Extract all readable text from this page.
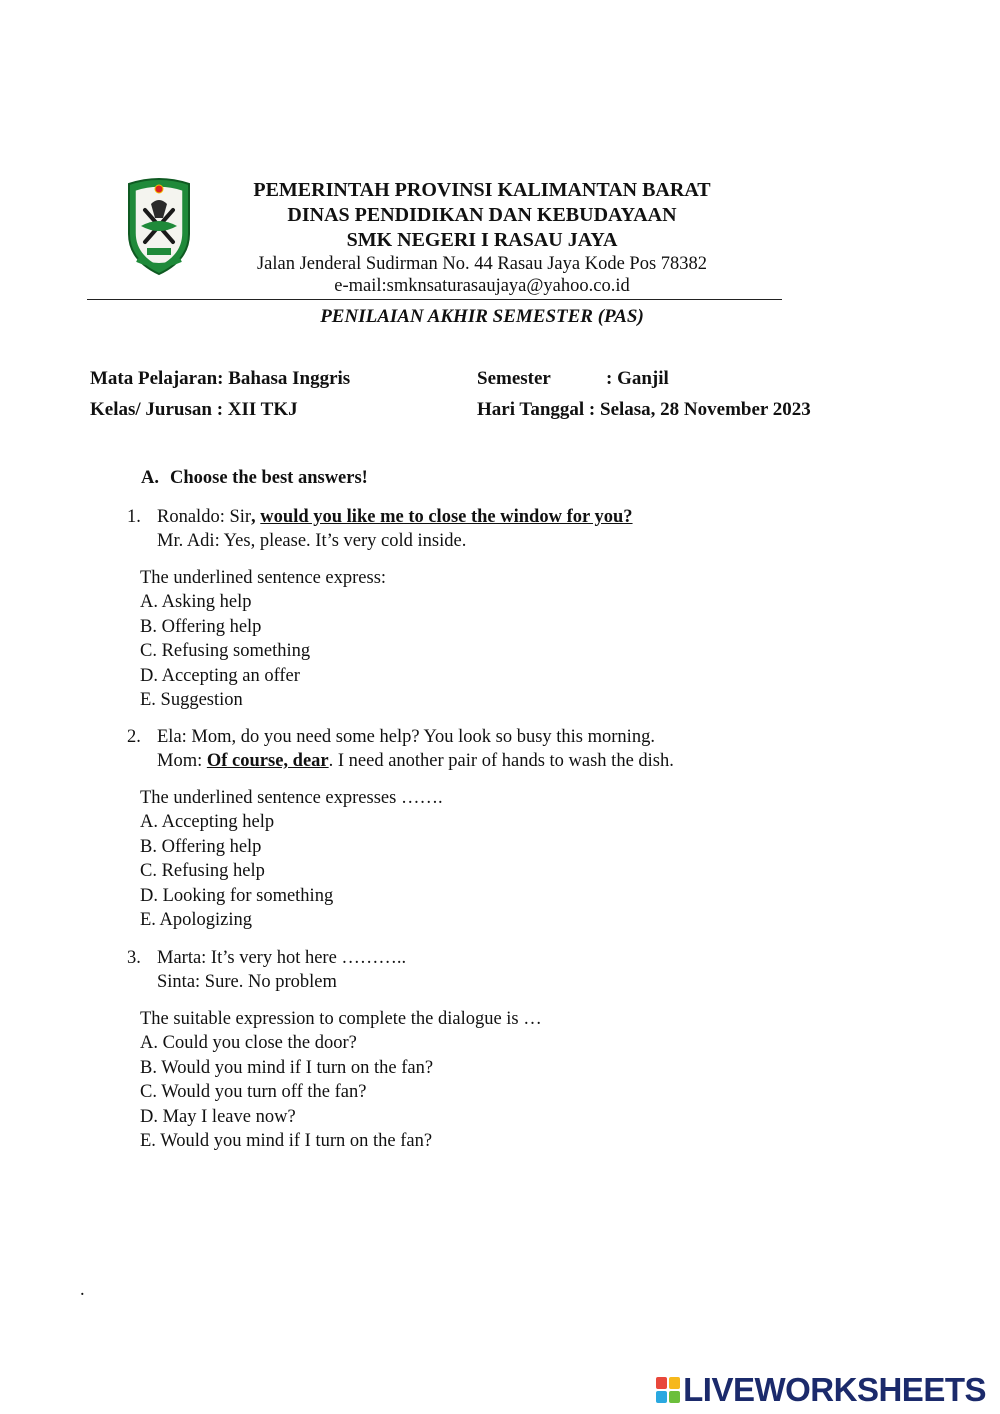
PEMERINTAH PROVINSI KALIMANTAN BARAT
DINAS PENDIDIKAN DAN KEBUDAYAAN
SMK NEGERI I RASAU JAYA
Jalan Jenderal Sudirman No. 44 Rasau Jaya Kode Pos 78382
e-mail:smknsaturasaujaya@yahoo.co.id
PENILAIAN AKHIR SEMESTER (PAS)
Mata Pelajaran: Bahasa Inggris
Kelas/ Jurusan : XII TKJ
Semester	: Ganjil
Hari Tanggal : Selasa, 28 November 2023
A. Choose the best answers!
1. Ronaldo: Sir, would you like me to close the window for you?
Mr. Adi: Yes, please. It’s very cold inside.
The underlined sentence express:
A. Asking help
B. Offering help
C. Refusing something
D. Accepting an offer
E. Suggestion
2. Ela: Mom, do you need some help? You look so busy this morning.
Mom: Of course, dear. I need another pair of hands to wash the dish.
The underlined sentence expresses …….
A. Accepting help
B. Offering help
C. Refusing help
D. Looking for something
E. Apologizing
3. Marta: It’s very hot here ………..
Sinta: Sure. No problem
The suitable expression to complete the dialogue is …
A. Could you close the door?
B. Would you mind if I turn on the fan?
C. Would you turn off the fan?
D. May I leave now?
E. Would you mind if I turn on the fan?
.
LIVEWORKSHEETS
